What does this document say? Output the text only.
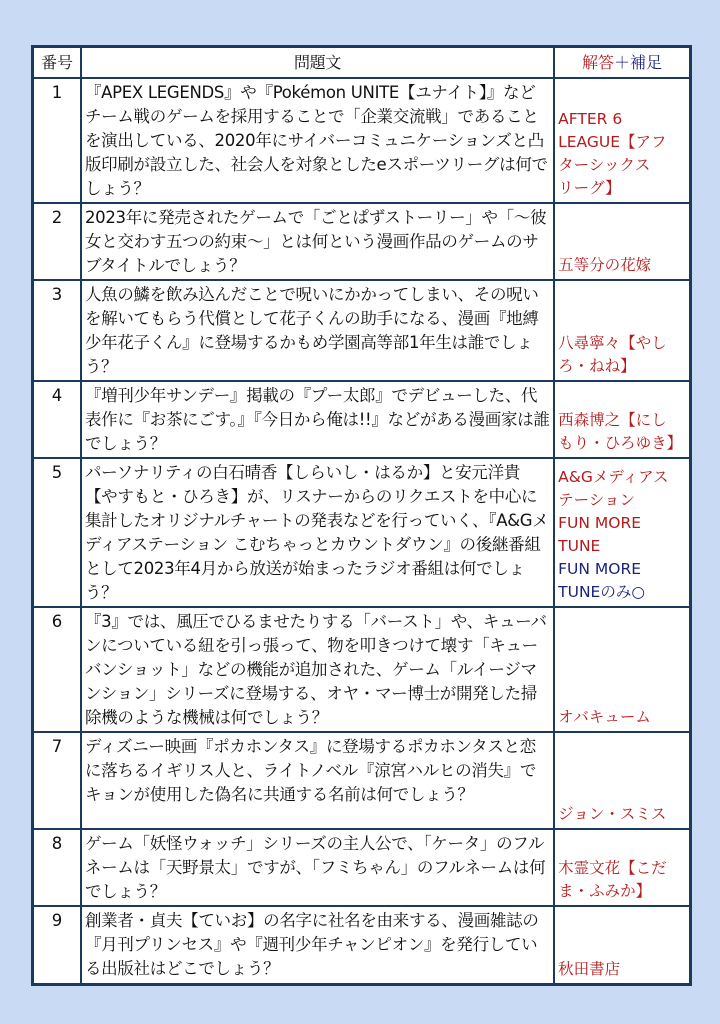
番号	問題文	解答＋補足
1	『APEX LEGENDS』や『Pokémon UNITE【ユナイト】』などチーム戦のゲームを採用することで「企業交流戦」であることを演出している、2020年にサイバーコミュニケーションズと凸版印刷が設立した、社会人を対象としたeスポーツリーグは何でしょう？	AFTER 6
LEAGUE【アフ
ターシックス
リーグ】

2	2023年に発売されたゲームで「ごとぱずストーリー」や「～彼女と交わす五つの約束～」とは何という漫画作品のゲームのサブタイトルでしょう？	五等分の花嫁

3	人魚の鱗を飲み込んだことで呪いにかかってしまい、その呪いを解いてもらう代償として花子くんの助手になる、漫画『地縛少年花子くん』に登場するかもめ学園高等部1年生は誰でしょう？	八尋寧々【やし
ろ・ねね】

4	『増刊少年サンデー』掲載の『プー太郎』でデビューした、代表作に『お茶にごす。』『今日から俺は!!』などがある漫画家は誰でしょう？	西森博之【にし
もり・ひろゆき】

5	パーソナリティの白石晴香【しらいし・はるか】と安元洋貴【やすもと・ひろき】が、リスナーからのリクエストを中心に集計したオリジナルチャートの発表などを行っていく、『A&Gメディアステーション こむちゃっとカウントダウン』の後継番組として2023年4月から放送が始まったラジオ番組は何でしょう？	
A&Gメディアス
テーション
FUN MORE
TUNE
FUN MORE
TUNEのみ○

6	『3』では、風圧でひるませたりする「バースト」や、キューバンについている紐を引っ張って、物を叩きつけて壊す「キューバンショット」などの機能が追加された、ゲーム「ルイージマンション」シリーズに登場する、オヤ・マー博士が開発した掃除機のような機械は何でしょう？	オバキューム

7	ディズニー映画『ポカホンタス』に登場するポカホンタスと恋に落ちるイギリス人と、ライトノベル『涼宮ハルヒの消失』でキョンが使用した偽名に共通する名前は何でしょう？	ジョン・スミス

8	ゲーム「妖怪ウォッチ」シリーズの主人公で、「ケータ」のフルネームは「天野景太」ですが、「フミちゃん」のフルネームは何でしょう？	木霊文花【こだ
ま・ふみか】

9	創業者・貞夫【ていお】の名字に社名を由来する、漫画雑誌の『月刊プリンセス』や『週刊少年チャンピオン』を発行している出版社はどこでしょう？	秋田書店
